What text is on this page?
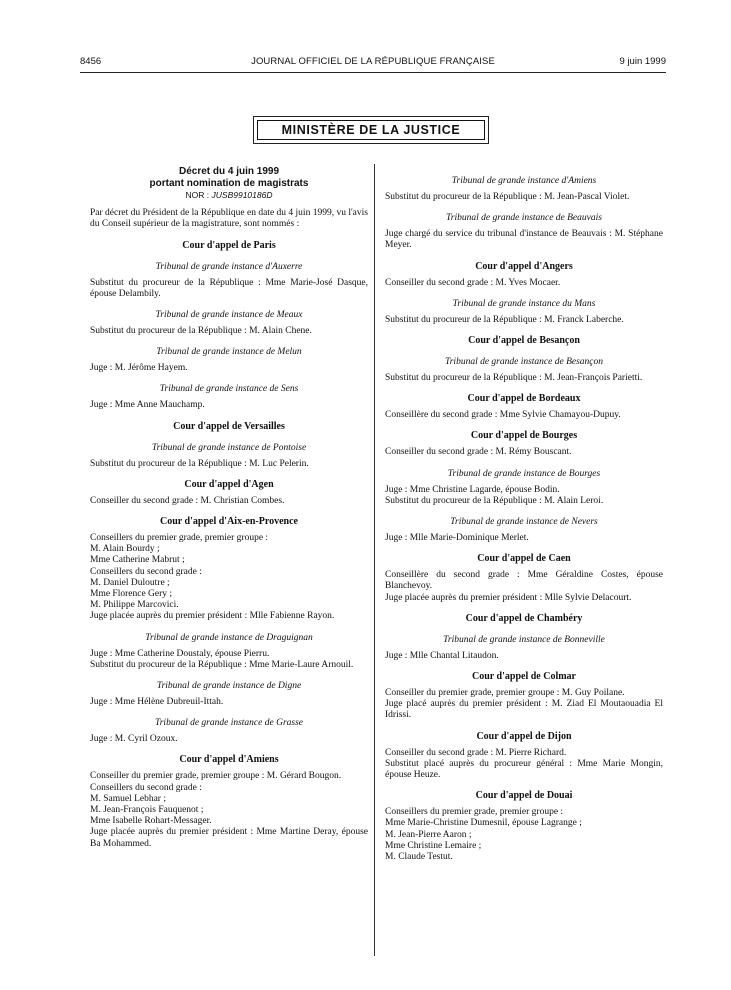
8456	JOURNAL OFFICIEL DE LA RÉPUBLIQUE FRANÇAISE	9 juin 1999
MINISTÈRE DE LA JUSTICE
Décret du 4 juin 1999
portant nomination de magistrats
NOR : JUSB9910186D
Par décret du Président de la République en date du 4 juin 1999, vu l'avis du Conseil supérieur de la magistrature, sont nommés :
Cour d'appel de Paris
Tribunal de grande instance d'Auxerre
Substitut du procureur de la République : Mme Marie-José Dasque, épouse Delambily.
Tribunal de grande instance de Meaux
Substitut du procureur de la République : M. Alain Chene.
Tribunal de grande instance de Melun
Juge : M. Jérôme Hayem.
Tribunal de grande instance de Sens
Juge : Mme Anne Mauchamp.
Cour d'appel de Versailles
Tribunal de grande instance de Pontoise
Substitut du procureur de la République : M. Luc Pelerin.
Cour d'appel d'Agen
Conseiller du second grade : M. Christian Combes.
Cour d'appel d'Aix-en-Provence
Conseillers du premier grade, premier groupe :
M. Alain Bourdy ;
Mme Catherine Mabrut ;
Conseillers du second grade :
M. Daniel Duloutre ;
Mme Florence Gery ;
M. Philippe Marcovici.
Juge placée auprès du premier président : Mlle Fabienne Rayon.
Tribunal de grande instance de Draguignan
Juge : Mme Catherine Doustaly, épouse Pierru.
Substitut du procureur de la République : Mme Marie-Laure Arnouil.
Tribunal de grande instance de Digne
Juge : Mme Hélène Dubreuil-Ittah.
Tribunal de grande instance de Grasse
Juge : M. Cyril Ozoux.
Cour d'appel d'Amiens
Conseiller du premier grade, premier groupe : M. Gérard Bougon.
Conseillers du second grade :
M. Samuel Lebhar ;
M. Jean-François Fauquenot ;
Mme Isabelle Rohart-Messager.
Juge placée auprès du premier président : Mme Martine Deray, épouse Ba Mohammed.
Tribunal de grande instance d'Amiens
Substitut du procureur de la République : M. Jean-Pascal Violet.
Tribunal de grande instance de Beauvais
Juge chargé du service du tribunal d'instance de Beauvais : M. Stéphane Meyer.
Cour d'appel d'Angers
Conseiller du second grade : M. Yves Mocaer.
Tribunal de grande instance du Mans
Substitut du procureur de la République : M. Franck Laberche.
Cour d'appel de Besançon
Tribunal de grande instance de Besançon
Substitut du procureur de la République : M. Jean-François Parietti.
Cour d'appel de Bordeaux
Conseillère du second grade : Mme Sylvie Chamayou-Dupuy.
Cour d'appel de Bourges
Conseiller du second grade : M. Rémy Bouscant.
Tribunal de grande instance de Bourges
Juge : Mme Christine Lagarde, épouse Bodin.
Substitut du procureur de la République : M. Alain Leroi.
Tribunal de grande instance de Nevers
Juge : Mlle Marie-Dominique Merlet.
Cour d'appel de Caen
Conseillère du second grade : Mme Géraldine Costes, épouse Blanchevoy.
Juge placée auprès du premier président : Mlle Sylvie Delacourt.
Cour d'appel de Chambéry
Tribunal de grande instance de Bonneville
Juge : Mlle Chantal Litaudon.
Cour d'appel de Colmar
Conseiller du premier grade, premier groupe : M. Guy Poilane.
Juge placé auprès du premier président : M. Ziad El Moutaouadia El Idrissi.
Cour d'appel de Dijon
Conseiller du second grade : M. Pierre Richard.
Substitut placé auprès du procureur général : Mme Marie Mongin, épouse Heuze.
Cour d'appel de Douai
Conseillers du premier grade, premier groupe :
Mme Marie-Christine Dumesnil, épouse Lagrange ;
M. Jean-Pierre Aaron ;
Mme Christine Lemaire ;
M. Claude Testut.
